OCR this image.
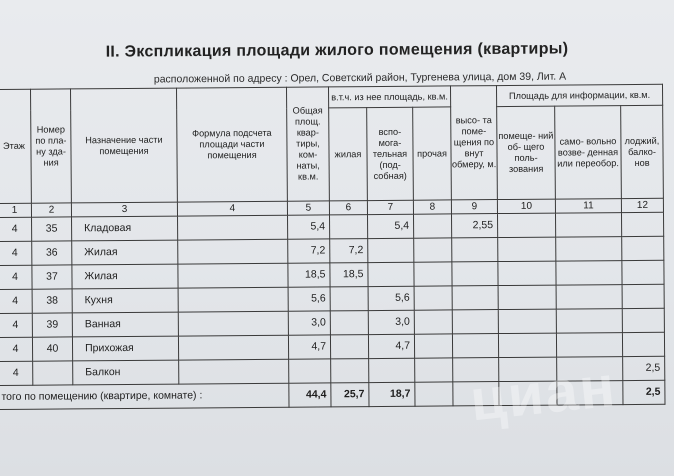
II. Экспликация площади жилого помещения (квартиры)
расположенной по адресу : Орел, Советский район, Тургенева улица, дом 39, Лит. А
Этаж	Номер по пла- ну зда- ния	Назначение части помещения	Формула подсчета площади части помещения	Общая площ. квар- тиры, ком- наты, кв.м.	в.т.ч. из нее площадь, кв.м.			высо- та поме- щения по внут обмеру, м.	Площадь для информации, кв.м.		
					жилая	вспо- мога- тельная (под- собная)	прочая		помеще- ний об- щего поль- зования	само- вольно возве- денная или переобор.	лоджий, балко- нов
1	2	3	4	5	6	7	8	9	10	11	12
4	35	Кладовая		5,4		5,4		2,55			
4	36	Жилая		7,2	7,2						
4	37	Жилая		18,5	18,5						
4	38	Кухня		5,6		5,6					
4	39	Ванная		3,0		3,0					
4	40	Прихожая		4,7		4,7					
4		Балкон									2,5
того по помещению (квартире, комнате) :				44,4	25,7	18,7					2,5
циан
